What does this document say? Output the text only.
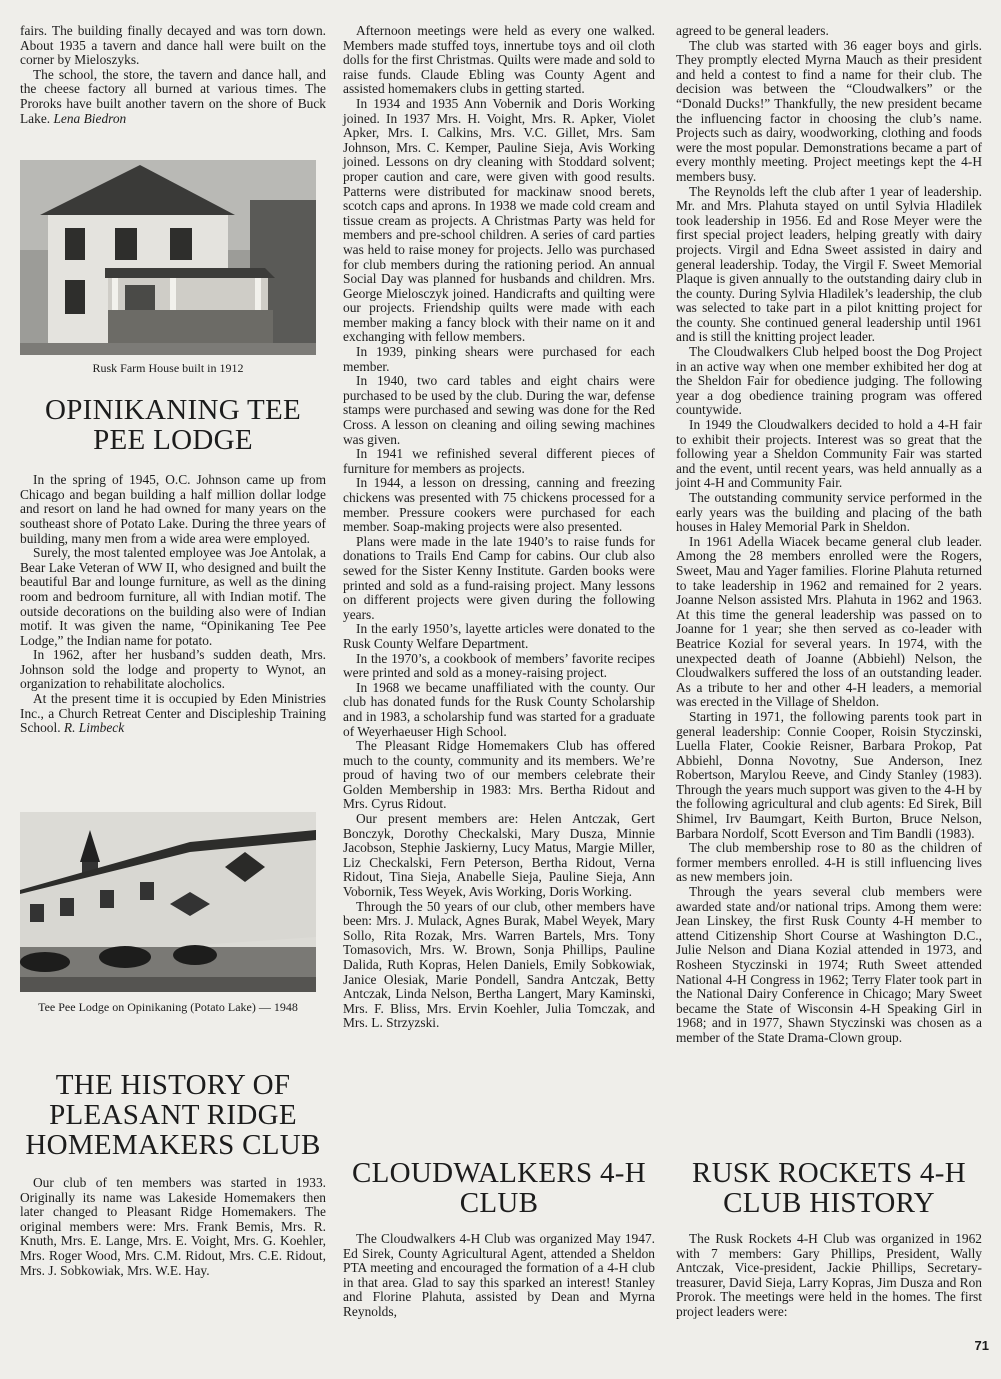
fairs. The building finally decayed and was torn down. About 1935 a tavern and dance hall were built on the corner by Mieloszyks.

The school, the store, the tavern and dance hall, and the cheese factory all burned at various times. The Proroks have built another tavern on the shore of Buck Lake. Lena Biedron

OPINIKANING TEE PEE LODGE

In the spring of 1945, O.C. Johnson came up from Chicago and began building a half million dollar lodge and resort on land he had owned for many years on the southeast shore of Potato Lake. During the three years of building, many men from a wide area were employed.

Surely, the most talented employee was Joe Antolak, a Bear Lake Veteran of WW II, who designed and built the beautiful Bar and lounge furniture, as well as the dining room and bedroom furniture, all with Indian motif. The outside decorations on the building also were of Indian motif. It was given the name, “Opinikaning Tee Pee Lodge,” the Indian name for potato.

In 1962, after her husband’s sudden death, Mrs. Johnson sold the lodge and property to Wynot, an organization to rehabilitate alocholics.

At the present time it is occupied by Eden Ministries Inc., a Church Retreat Center and Discipleship Training School. R. Limbeck

Rusk Farm House built in 1912
Tee Pee Lodge on Opinikaning (Potato Lake) — 1948
THE HISTORY OF PLEASANT RIDGE HOMEMAKERS CLUB

Our club of ten members was started in 1933. Originally its name was Lakeside Homemakers then later changed to Pleasant Ridge Homemakers. The original members were: Mrs. Frank Bemis, Mrs. R. Knuth, Mrs. E. Lange, Mrs. E. Voight, Mrs. G. Koehler, Mrs. Roger Wood, Mrs. C.M. Ridout, Mrs. C.E. Ridout, Mrs. J. Sobkowiak, Mrs. W.E. Hay.

Afternoon meetings were held as every one walked. Members made stuffed toys, innertube toys and oil cloth dolls for the first Christmas. Quilts were made and sold to raise funds. Claude Ebling was County Agent and assisted homemakers clubs in getting started.

In 1934 and 1935 Ann Vobernik and Doris Working joined. In 1937 Mrs. H. Voight, Mrs. R. Apker, Violet Apker, Mrs. I. Calkins, Mrs. V.C. Gillet, Mrs. Sam Johnson, Mrs. C. Kemper, Pauline Sieja, Avis Working joined. Lessons on dry cleaning with Stoddard solvent; proper caution and care, were given with good results. Patterns were distributed for mackinaw snood berets, scotch caps and aprons. In 1938 we made cold cream and tissue cream as projects. A Christmas Party was held for members and pre-school children. A series of card parties was held to raise money for projects. Jello was purchased for club members during the rationing period. An annual Social Day was planned for husbands and children. Mrs. George Mielosczyk joined. Handicrafts and quilting were our projects. Friendship quilts were made with each member making a fancy block with their name on it and exchanging with fellow members.

In 1939, pinking shears were purchased for each member.

In 1940, two card tables and eight chairs were purchased to be used by the club. During the war, defense stamps were purchased and sewing was done for the Red Cross. A lesson on cleaning and oiling sewing machines was given.

In 1941 we refinished several different pieces of furniture for members as projects.

In 1944, a lesson on dressing, canning and freezing chickens was presented with 75 chickens processed for a member. Pressure cookers were purchased for each member. Soap-making projects were also presented.

Plans were made in the late 1940’s to raise funds for donations to Trails End Camp for cabins. Our club also sewed for the Sister Kenny Institute. Garden books were printed and sold as a fund-raising project. Many lessons on different projects were given during the following years.

In the early 1950’s, layette articles were donated to the Rusk County Welfare Department.

In the 1970’s, a cookbook of members’ favorite recipes were printed and sold as a money-raising project.

In 1968 we became unaffiliated with the county. Our club has donated funds for the Rusk County Scholarship and in 1983, a scholarship fund was started for a graduate of Weyerhaeuser High School.

The Pleasant Ridge Homemakers Club has offered much to the county, community and its members. We’re proud of having two of our members celebrate their Golden Membership in 1983: Mrs. Bertha Ridout and Mrs. Cyrus Ridout.

Our present members are: Helen Antczak, Gert Bonczyk, Dorothy Checkalski, Mary Dusza, Minnie Jacobson, Stephie Jaskierny, Lucy Matus, Margie Miller, Liz Checkalski, Fern Peterson, Bertha Ridout, Verna Ridout, Tina Sieja, Anabelle Sieja, Pauline Sieja, Ann Vobornik, Tess Weyek, Avis Working, Doris Working.

Through the 50 years of our club, other members have been: Mrs. J. Mulack, Agnes Burak, Mabel Weyek, Mary Sollo, Rita Rozak, Mrs. Warren Bartels, Mrs. Tony Tomasovich, Mrs. W. Brown, Sonja Phillips, Pauline Dalida, Ruth Kopras, Helen Daniels, Emily Sobkowiak, Janice Olesiak, Marie Pondell, Sandra Antczak, Betty Antczak, Linda Nelson, Bertha Langert, Mary Kaminski, Mrs. F. Bliss, Mrs. Ervin Koehler, Julia Tomczak, and Mrs. L. Strzyzski.

CLOUDWALKERS 4-H CLUB

The Cloudwalkers 4-H Club was organized May 1947. Ed Sirek, County Agricultural Agent, attended a Sheldon PTA meeting and encouraged the formation of a 4-H club in that area. Glad to say this sparked an interest! Stanley and Florine Plahuta, assisted by Dean and Myrna Reynolds,

agreed to be general leaders.

The club was started with 36 eager boys and girls. They promptly elected Myrna Mauch as their president and held a contest to find a name for their club. The decision was between the “Cloudwalkers” or the “Donald Ducks!” Thankfully, the new president became the influencing factor in choosing the club’s name. Projects such as dairy, woodworking, clothing and foods were the most popular. Demonstrations became a part of every monthly meeting. Project meetings kept the 4-H members busy.

The Reynolds left the club after 1 year of leadership. Mr. and Mrs. Plahuta stayed on until Sylvia Hladilek took leadership in 1956. Ed and Rose Meyer were the first special project leaders, helping greatly with dairy projects. Virgil and Edna Sweet assisted in dairy and general leadership. Today, the Virgil F. Sweet Memorial Plaque is given annually to the outstanding dairy club in the county. During Sylvia Hladilek’s leadership, the club was selected to take part in a pilot knitting project for the county. She continued general leadership until 1961 and is still the knitting project leader.

The Cloudwalkers Club helped boost the Dog Project in an active way when one member exhibited her dog at the Sheldon Fair for obedience judging. The following year a dog obedience training program was offered countywide.

In 1949 the Cloudwalkers decided to hold a 4-H fair to exhibit their projects. Interest was so great that the following year a Sheldon Community Fair was started and the event, until recent years, was held annually as a joint 4-H and Community Fair.

The outstanding community service performed in the early years was the building and placing of the bath houses in Haley Memorial Park in Sheldon.

In 1961 Adella Wiacek became general club leader. Among the 28 members enrolled were the Rogers, Sweet, Mau and Yager families. Florine Plahuta returned to take leadership in 1962 and remained for 2 years. Joanne Nelson assisted Mrs. Plahuta in 1962 and 1963. At this time the general leadership was passed on to Joanne for 1 year; she then served as co-leader with Beatrice Kozial for several years. In 1974, with the unexpected death of Joanne (Abbiehl) Nelson, the Cloudwalkers suffered the loss of an outstanding leader. As a tribute to her and other 4-H leaders, a memorial was erected in the Village of Sheldon.

Starting in 1971, the following parents took part in general leadership: Connie Cooper, Roisin Styczinski, Luella Flater, Cookie Reisner, Barbara Prokop, Pat Abbiehl, Donna Novotny, Sue Anderson, Inez Robertson, Marylou Reeve, and Cindy Stanley (1983). Through the years much support was given to the 4-H by the following agricultural and club agents: Ed Sirek, Bill Shimel, Irv Baumgart, Keith Burton, Bruce Nelson, Barbara Nordolf, Scott Everson and Tim Bandli (1983).

The club membership rose to 80 as the children of former members enrolled. 4-H is still influencing lives as new members join.

Through the years several club members were awarded state and/or national trips. Among them were: Jean Linskey, the first Rusk County 4-H member to attend Citizenship Short Course at Washington D.C., Julie Nelson and Diana Kozial attended in 1973, and Rosheen Styczinski in 1974; Ruth Sweet attended National 4-H Congress in 1962; Terry Flater took part in the National Dairy Conference in Chicago; Mary Sweet became the State of Wisconsin 4-H Speaking Girl in 1968; and in 1977, Shawn Styczinski was chosen as a member of the State Drama-Clown group.

RUSK ROCKETS 4-H CLUB HISTORY

The Rusk Rockets 4-H Club was organized in 1962 with 7 members: Gary Phillips, President, Wally Antczak, Vice-president, Jackie Phillips, Secretary-treasurer, David Sieja, Larry Kopras, Jim Dusza and Ron Prorok. The meetings were held in the homes. The first project leaders were:

71
